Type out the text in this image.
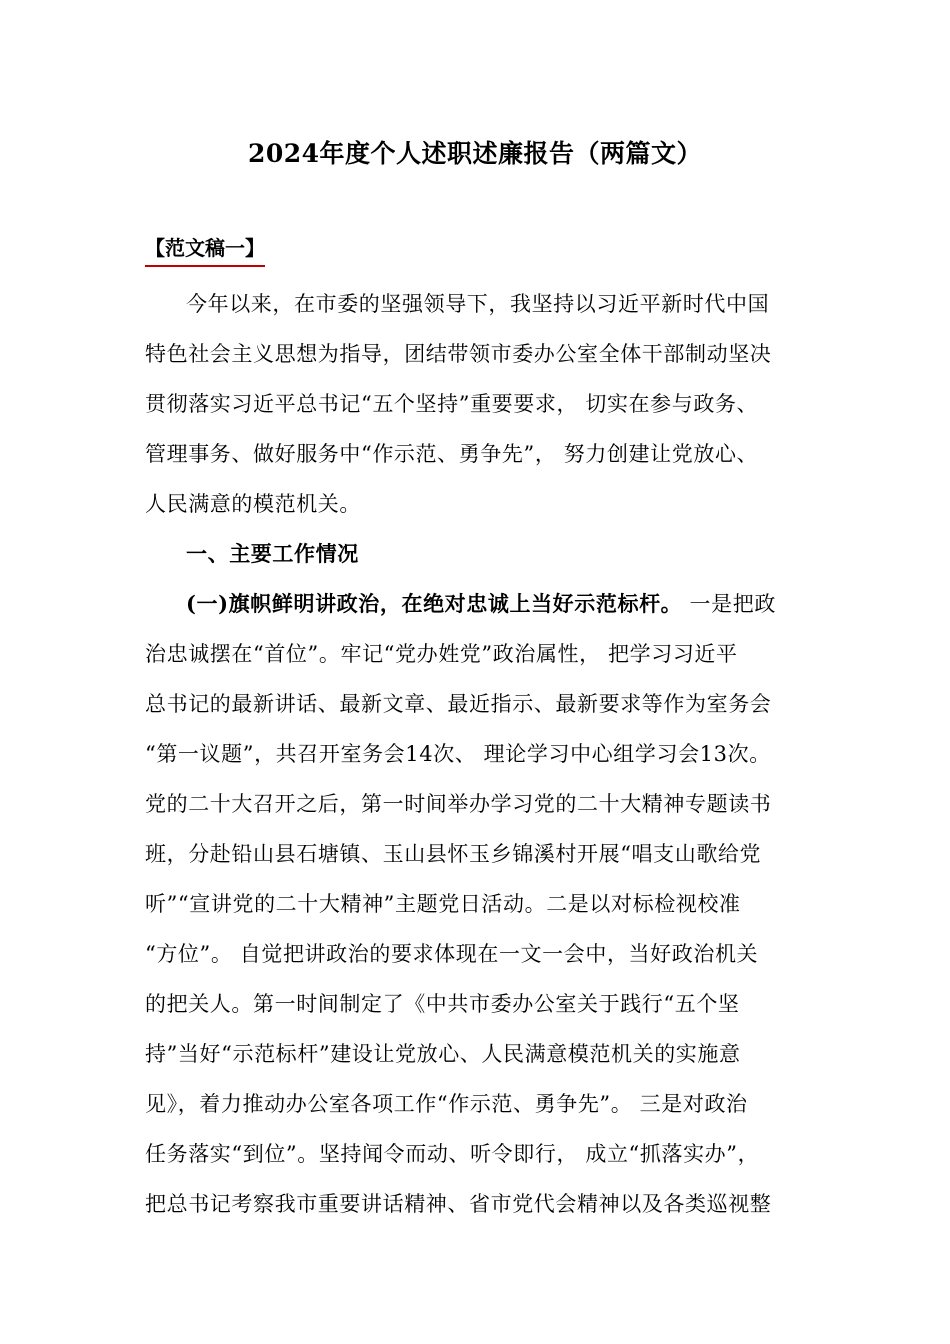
2024年度个人述职述廉报告（两篇文）
【范文稿一】
今年以来，在市委的坚强领导下，我坚持以习近平新时代中国
特色社会主义思想为指导，团结带领市委办公室全体干部制动坚决
贯彻落实习近平总书记“五个坚持”重要要求， 切实在参与政务、
管理事务、做好服务中“作示范、勇争先”， 努力创建让党放心、
人民满意的模范机关。
一、主要工作情况
(一)旗帜鲜明讲政治，在绝对忠诚上当好示范标杆。 一是把政
治忠诚摆在“首位”。牢记“党办姓党”政治属性， 把学习习近平
总书记的最新讲话、最新文章、最近指示、最新要求等作为室务会
“第一议题”，共召开室务会14次、 理论学习中心组学习会13次。
党的二十大召开之后，第一时间举办学习党的二十大精神专题读书
班，分赴铅山县石塘镇、玉山县怀玉乡锦溪村开展“唱支山歌给党
听”“宣讲党的二十大精神”主题党日活动。二是以对标检视校准
“方位”。 自觉把讲政治的要求体现在一文一会中，当好政治机关
的把关人。第一时间制定了《中共市委办公室关于践行“五个坚
持”当好“示范标杆”建设让党放心、人民满意模范机关的实施意
见》，着力推动办公室各项工作“作示范、勇争先”。 三是对政治
任务落实“到位”。坚持闻令而动、听令即行， 成立“抓落实办”，
把总书记考察我市重要讲话精神、省市党代会精神以及各类巡视整
